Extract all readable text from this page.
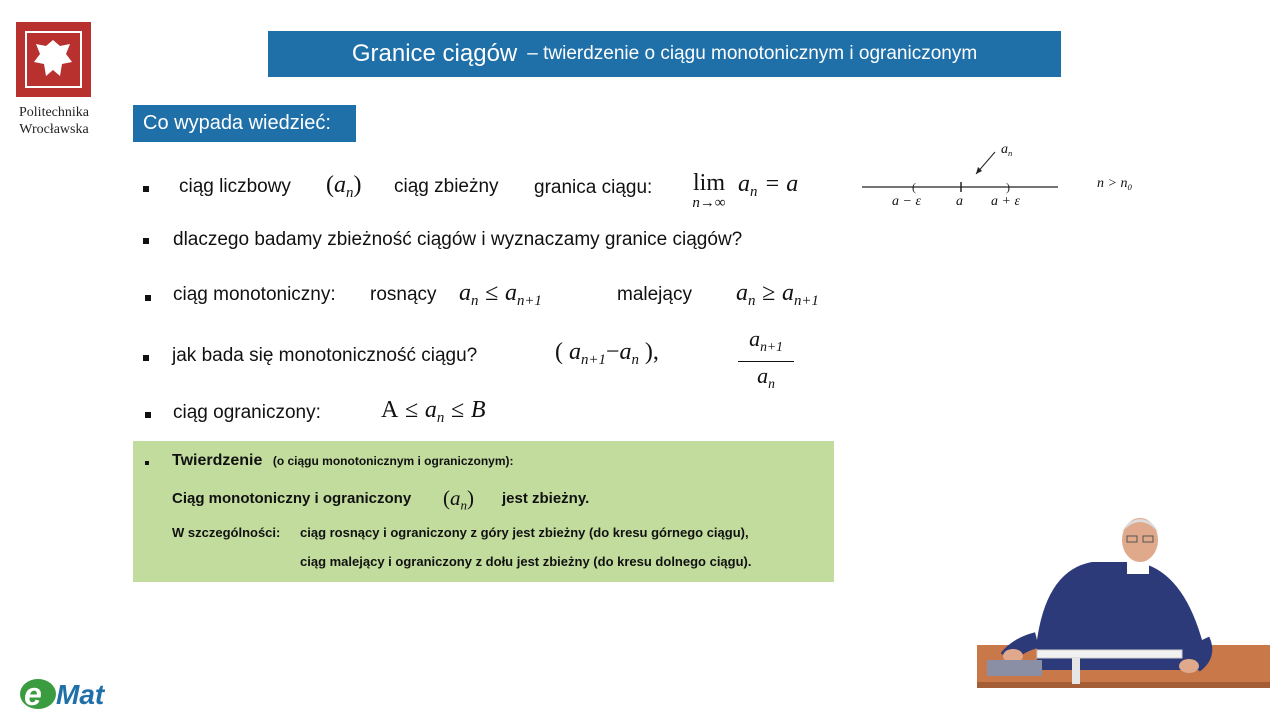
Politechnika
Wrocławska
Granice ciągów – twierdzenie o ciągu monotonicznym i ograniczonym
Co wypada wiedzieć:
ciąg liczbowy $(a_n)$ ciąg zbieżny granica ciągu:	lim
n→∞
$a_n = a$	(	)
$a_n$
a − ε	a a + ε
$n > n_0$
dlaczego badamy zbieżność ciągów i wyznaczamy granice ciągów?
ciąg monotoniczny: rosnący $a_n \le a_{n+1}$	malejący $a_n \ge a_{n+1}$
jak bada się monotoniczność ciągu?	( $a_{n+1}-a_n$ ),
$a_{n+1}$
$a_n$
ciąg ograniczony:	$A \le a_n \le B$
Twierdzenie (o ciągu monotonicznym i ograniczonym):
Ciąg monotoniczny i ograniczony $(a_n)$ jest zbieżny.
W szczególności: ciąg rosnący i ograniczony z góry jest zbieżny (do kresu górnego ciągu),
ciąg malejący i ograniczony z dołu jest zbieżny (do kresu dolnego ciągu).
e Mat
